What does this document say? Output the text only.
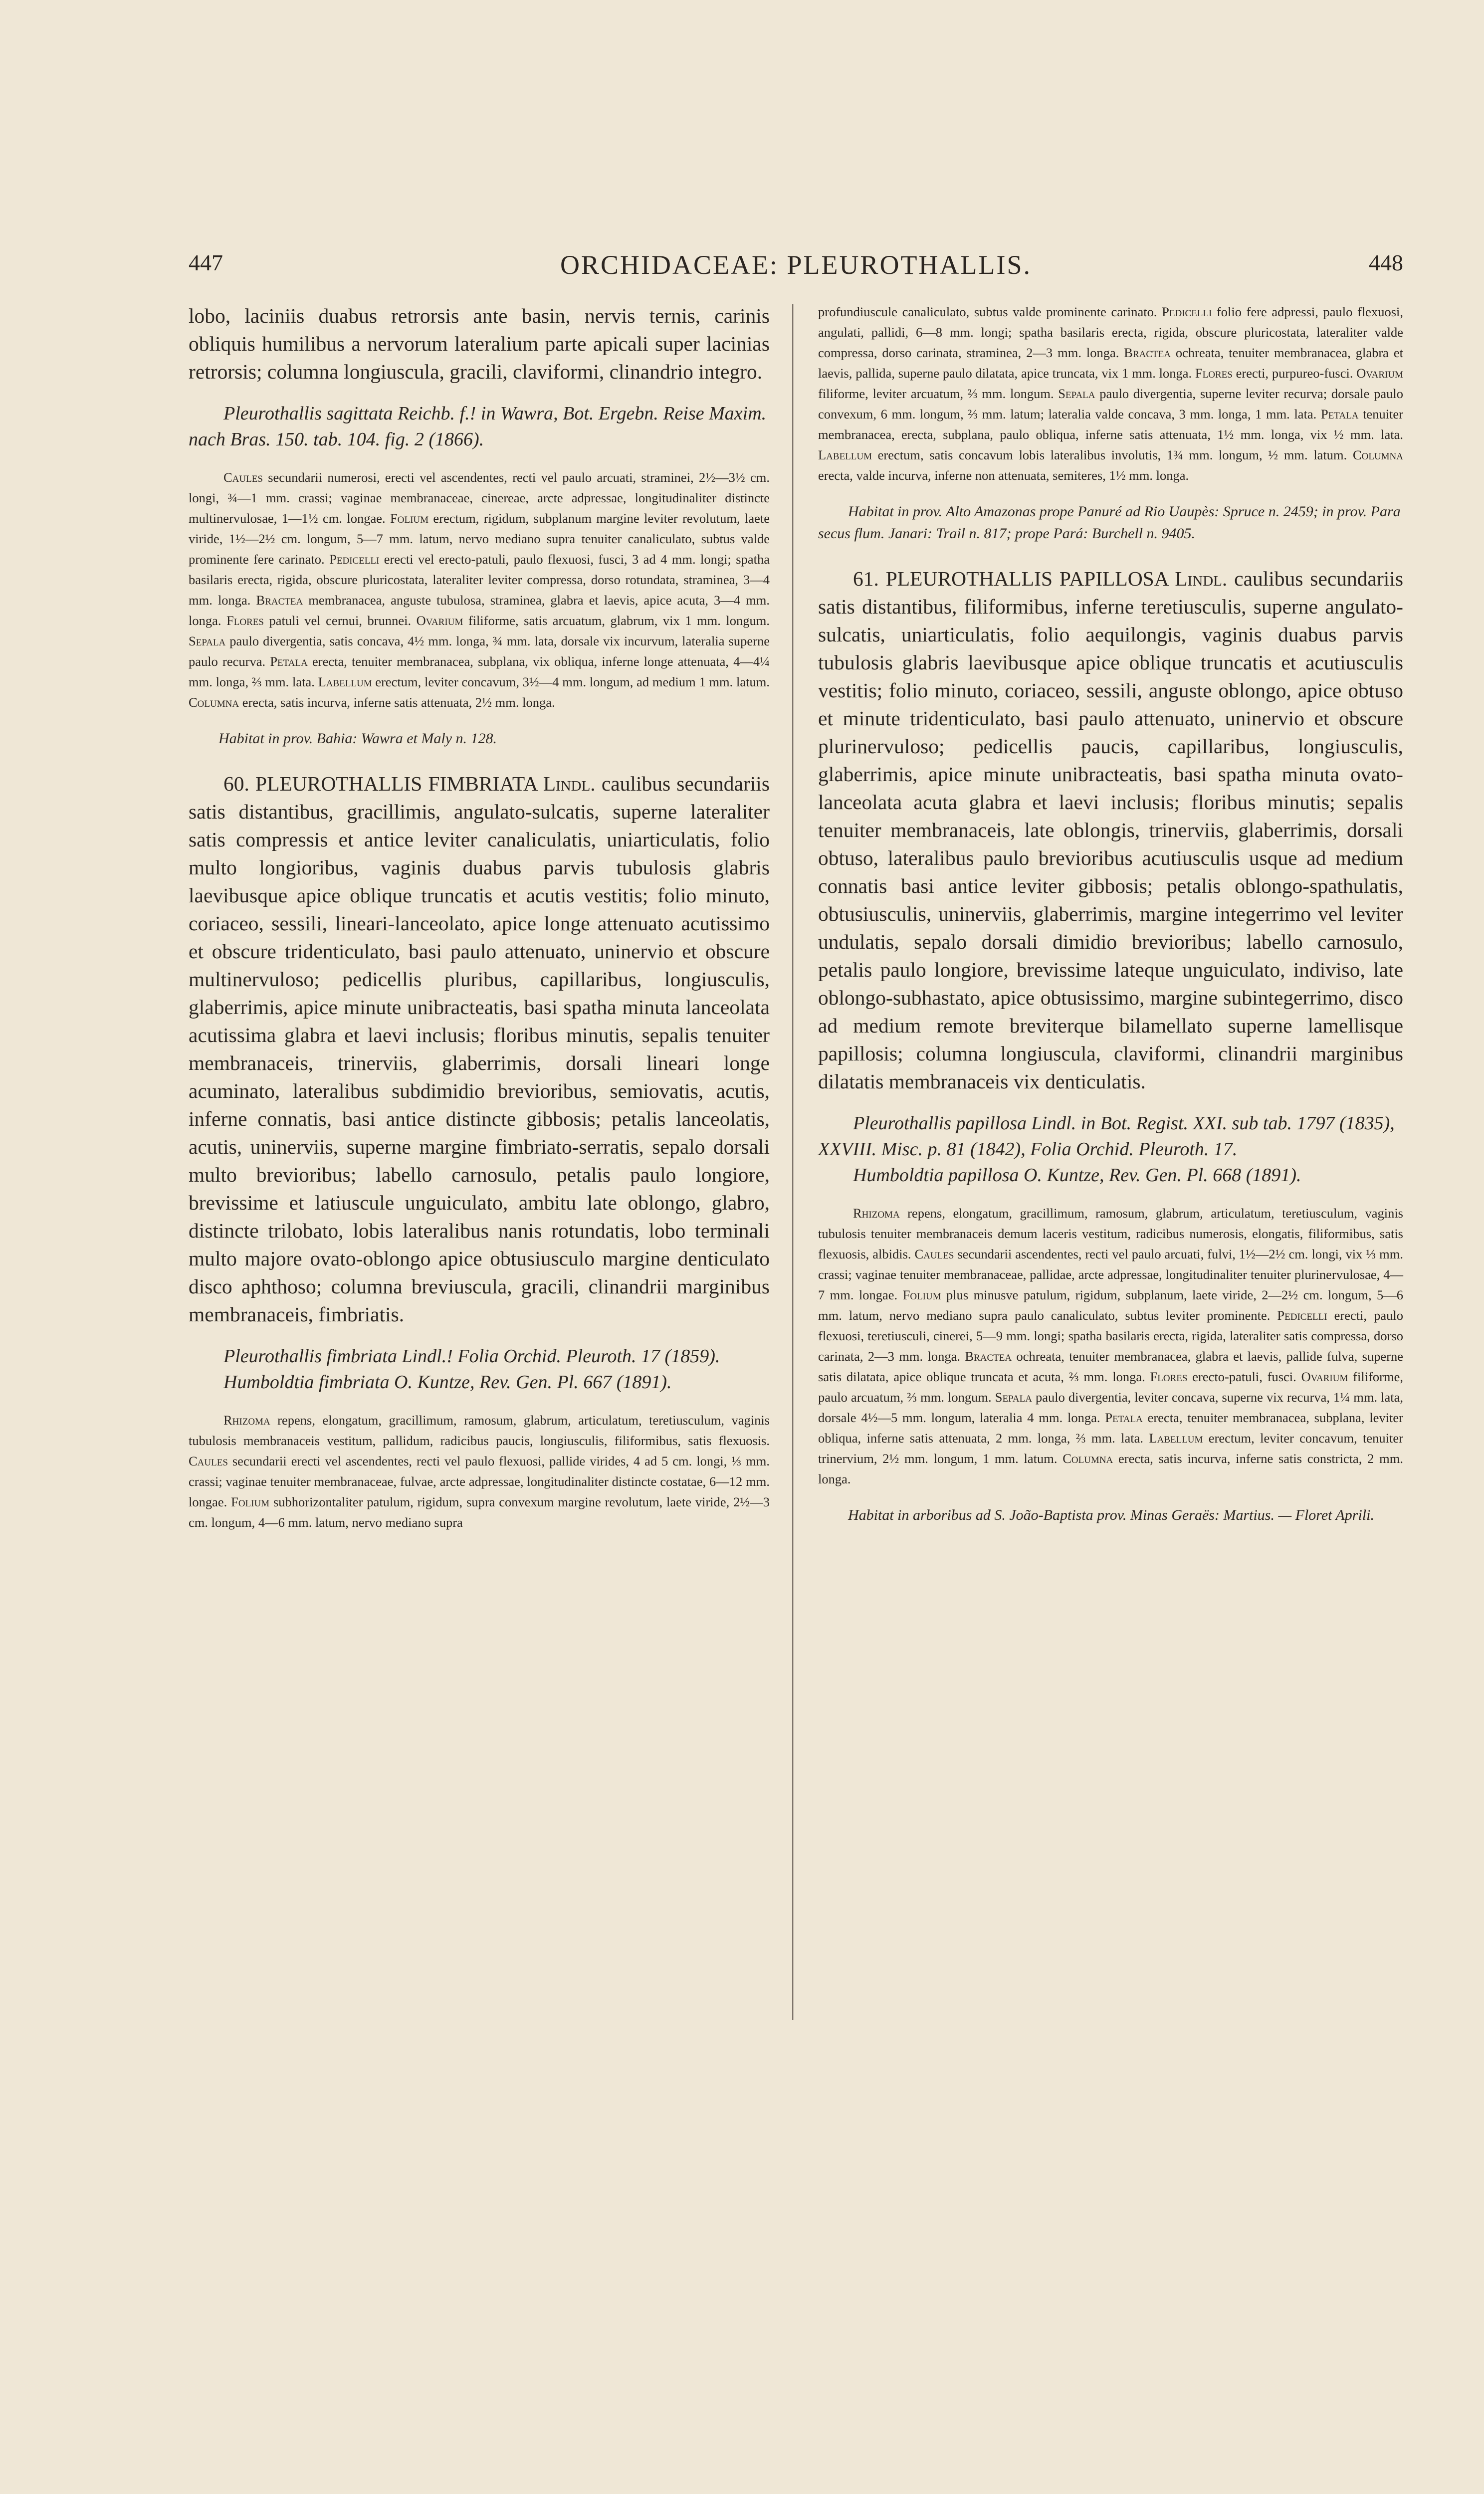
447	ORCHIDACEAE: PLEUROTHALLIS.	448

lobo, laciniis duabus retrorsis ante basin, nervis ternis, carinis obliquis humilibus a nervorum lateralium parte apicali super lacinias retrorsis; columna longiuscula, gracili, claviformi, clinandrio integro.

Pleurothallis sagittata Reichb. f.! in Wawra, Bot. Ergebn. Reise Maxim. nach Bras. 150. tab. 104. fig. 2 (1866).

Caules secundarii numerosi, erecti vel ascendentes, recti vel paulo arcuati, straminei, 2½—3½ cm. longi, ¾—1 mm. crassi; vaginae membranaceae, cinereae, arcte adpressae, longitudinaliter distincte multinervulosae, 1—1½ cm. longae. Folium erectum, rigidum, subplanum margine leviter revolutum, laete viride, 1½—2½ cm. longum, 5—7 mm. latum, nervo mediano supra tenuiter canaliculato, subtus valde prominente fere carinato. Pedicelli erecti vel erecto-patuli, paulo flexuosi, fusci, 3 ad 4 mm. longi; spatha basilaris erecta, rigida, obscure pluricostata, lateraliter leviter compressa, dorso rotundata, straminea, 3—4 mm. longa. Bractea membranacea, anguste tubulosa, straminea, glabra et laevis, apice acuta, 3—4 mm. longa. Flores patuli vel cernui, brunnei. Ovarium filiforme, satis arcuatum, glabrum, vix 1 mm. longum. Sepala paulo divergentia, satis concava, 4½ mm. longa, ¾ mm. lata, dorsale vix incurvum, lateralia superne paulo recurva. Petala erecta, tenuiter membranacea, subplana, vix obliqua, inferne longe attenuata, 4—4¼ mm. longa, ⅔ mm. lata. Labellum erectum, leviter concavum, 3½—4 mm. longum, ad medium 1 mm. latum. Columna erecta, satis incurva, inferne satis attenuata, 2½ mm. longa.

Habitat in prov. Bahia: Wawra et Maly n. 128.

60. PLEUROTHALLIS FIMBRIATA Lindl. caulibus secundariis satis distantibus, gracillimis, angulato-sulcatis, superne lateraliter satis compressis et antice leviter canaliculatis, uniarticulatis, folio multo longioribus, vaginis duabus parvis tubulosis glabris laevibusque apice oblique truncatis et acutis vestitis; folio minuto, coriaceo, sessili, lineari-lanceolato, apice longe attenuato acutissimo et obscure tridenticulato, basi paulo attenuato, uninervio et obscure multinervuloso; pedicellis pluribus, capillaribus, longiusculis, glaberrimis, apice minute unibracteatis, basi spatha minuta lanceolata acutissima glabra et laevi inclusis; floribus minutis, sepalis tenuiter membranaceis, trinerviis, glaberrimis, dorsali lineari longe acuminato, lateralibus subdimidio brevioribus, semiovatis, acutis, inferne connatis, basi antice distincte gibbosis; petalis lanceolatis, acutis, uninerviis, superne margine fimbriato-serratis, sepalo dorsali multo brevioribus; labello carnosulo, petalis paulo longiore, brevissime et latiuscule unguiculato, ambitu late oblongo, glabro, distincte trilobato, lobis lateralibus nanis rotundatis, lobo terminali multo majore ovato-oblongo apice obtusiusculo margine denticulato disco aphthoso; columna breviuscula, gracili, clinandrii marginibus membranaceis, fimbriatis.

Pleurothallis fimbriata Lindl.! Folia Orchid. Pleuroth. 17 (1859).

Humboldtia fimbriata O. Kuntze, Rev. Gen. Pl. 667 (1891).

Rhizoma repens, elongatum, gracillimum, ramosum, glabrum, articulatum, teretiusculum, vaginis tubulosis membranaceis vestitum, pallidum, radicibus paucis, longiusculis, filiformibus, satis flexuosis. Caules secundarii erecti vel ascendentes, recti vel paulo flexuosi, pallide virides, 4 ad 5 cm. longi, ⅓ mm. crassi; vaginae tenuiter membranaceae, fulvae, arcte adpressae, longitudinaliter distincte costatae, 6—12 mm. longae. Folium subhorizontaliter patulum, rigidum, supra convexum margine revolutum, laete viride, 2½—3 cm. longum, 4—6 mm. latum, nervo mediano supra

profundiuscule canaliculato, subtus valde prominente carinato. Pedicelli folio fere adpressi, paulo flexuosi, angulati, pallidi, 6—8 mm. longi; spatha basilaris erecta, rigida, obscure pluricostata, lateraliter valde compressa, dorso carinata, straminea, 2—3 mm. longa. Bractea ochreata, tenuiter membranacea, glabra et laevis, pallida, superne paulo dilatata, apice truncata, vix 1 mm. longa. Flores erecti, purpureo-fusci. Ovarium filiforme, leviter arcuatum, ⅔ mm. longum. Sepala paulo divergentia, superne leviter recurva; dorsale paulo convexum, 6 mm. longum, ⅔ mm. latum; lateralia valde concava, 3 mm. longa, 1 mm. lata. Petala tenuiter membranacea, erecta, subplana, paulo obliqua, inferne satis attenuata, 1½ mm. longa, vix ½ mm. lata. Labellum erectum, satis concavum lobis lateralibus involutis, 1¾ mm. longum, ½ mm. latum. Columna erecta, valde incurva, inferne non attenuata, semiteres, 1½ mm. longa.

Habitat in prov. Alto Amazonas prope Panuré ad Rio Uaupès: Spruce n. 2459; in prov. Para secus flum. Janari: Trail n. 817; prope Pará: Burchell n. 9405.

61. PLEUROTHALLIS PAPILLOSA Lindl. caulibus secundariis satis distantibus, filiformibus, inferne teretiusculis, superne angulato-sulcatis, uniarticulatis, folio aequilongis, vaginis duabus parvis tubulosis glabris laevibusque apice oblique truncatis et acutiusculis vestitis; folio minuto, coriaceo, sessili, anguste oblongo, apice obtuso et minute tridenticulato, basi paulo attenuato, uninervio et obscure plurinervuloso; pedicellis paucis, capillaribus, longiusculis, glaberrimis, apice minute unibracteatis, basi spatha minuta ovato-lanceolata acuta glabra et laevi inclusis; floribus minutis; sepalis tenuiter membranaceis, late oblongis, trinerviis, glaberrimis, dorsali obtuso, lateralibus paulo brevioribus acutiusculis usque ad medium connatis basi antice leviter gibbosis; petalis oblongo-spathulatis, obtusiusculis, uninerviis, glaberrimis, margine integerrimo vel leviter undulatis, sepalo dorsali dimidio brevioribus; labello carnosulo, petalis paulo longiore, brevissime lateque unguiculato, indiviso, late oblongo-subhastato, apice obtusissimo, margine subintegerrimo, disco ad medium remote breviterque bilamellato superne lamellisque papillosis; columna longiuscula, claviformi, clinandrii marginibus dilatatis membranaceis vix denticulatis.

Pleurothallis papillosa Lindl. in Bot. Regist. XXI. sub tab. 1797 (1835), XXVIII. Misc. p. 81 (1842), Folia Orchid. Pleuroth. 17.

Humboldtia papillosa O. Kuntze, Rev. Gen. Pl. 668 (1891).

Rhizoma repens, elongatum, gracillimum, ramosum, glabrum, articulatum, teretiusculum, vaginis tubulosis tenuiter membranaceis demum laceris vestitum, radicibus numerosis, elongatis, filiformibus, satis flexuosis, albidis. Caules secundarii ascendentes, recti vel paulo arcuati, fulvi, 1½—2½ cm. longi, vix ⅓ mm. crassi; vaginae tenuiter membranaceae, pallidae, arcte adpressae, longitudinaliter tenuiter plurinervulosae, 4—7 mm. longae. Folium plus minusve patulum, rigidum, subplanum, laete viride, 2—2½ cm. longum, 5—6 mm. latum, nervo mediano supra paulo canaliculato, subtus leviter prominente. Pedicelli erecti, paulo flexuosi, teretiusculi, cinerei, 5—9 mm. longi; spatha basilaris erecta, rigida, lateraliter satis compressa, dorso carinata, 2—3 mm. longa. Bractea ochreata, tenuiter membranacea, glabra et laevis, pallide fulva, superne satis dilatata, apice oblique truncata et acuta, ⅔ mm. longa. Flores erecto-patuli, fusci. Ovarium filiforme, paulo arcuatum, ⅔ mm. longum. Sepala paulo divergentia, leviter concava, superne vix recurva, 1¼ mm. lata, dorsale 4½—5 mm. longum, lateralia 4 mm. longa. Petala erecta, tenuiter membranacea, subplana, leviter obliqua, inferne satis attenuata, 2 mm. longa, ⅔ mm. lata. Labellum erectum, leviter concavum, tenuiter trinervium, 2½ mm. longum, 1 mm. latum. Columna erecta, satis incurva, inferne satis constricta, 2 mm. longa.

Habitat in arboribus ad S. João-Baptista prov. Minas Geraës: Martius. — Floret Aprili.
